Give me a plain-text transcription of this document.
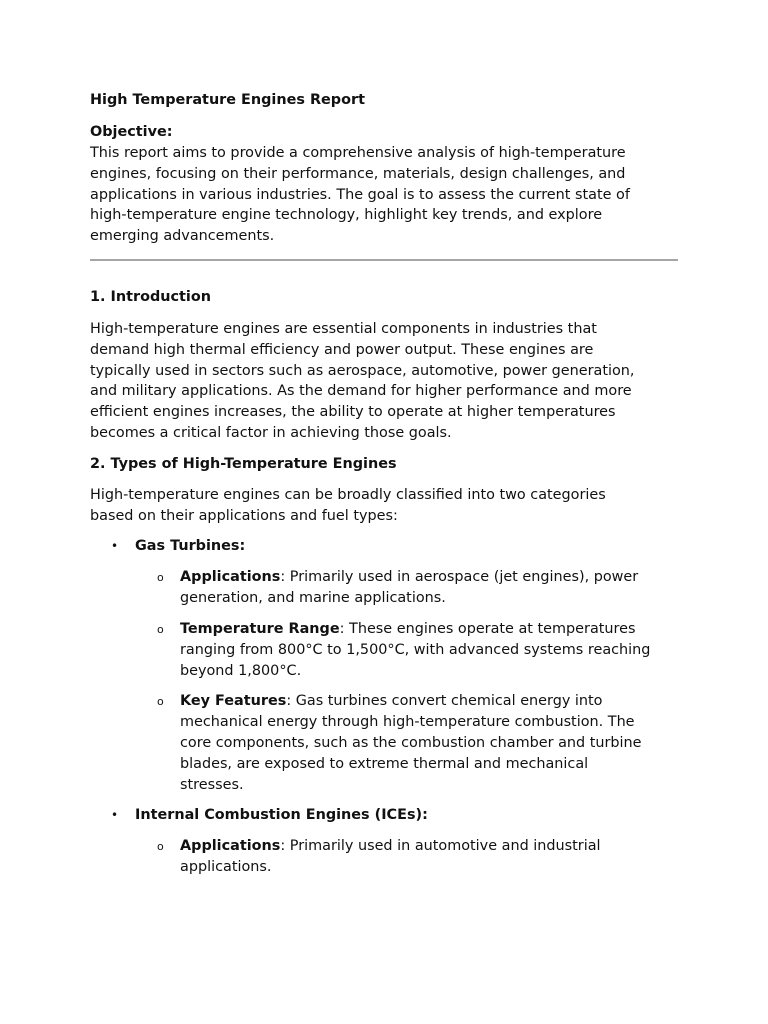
High Temperature Engines Report
Objective:
This report aims to provide a comprehensive analysis of high-temperature
engines, focusing on their performance, materials, design challenges, and
applications in various industries. The goal is to assess the current state of
high-temperature engine technology, highlight key trends, and explore
emerging advancements.
1. Introduction
High-temperature engines are essential components in industries that
demand high thermal efficiency and power output. These engines are
typically used in sectors such as aerospace, automotive, power generation,
and military applications. As the demand for higher performance and more
efficient engines increases, the ability to operate at higher temperatures
becomes a critical factor in achieving those goals.
2. Types of High-Temperature Engines
High-temperature engines can be broadly classified into two categories
based on their applications and fuel types:
• Gas Turbines:
o Applications: Primarily used in aerospace (jet engines), power
generation, and marine applications.
o Temperature Range: These engines operate at temperatures
ranging from 800°C to 1,500°C, with advanced systems reaching
beyond 1,800°C.
o Key Features: Gas turbines convert chemical energy into
mechanical energy through high-temperature combustion. The
core components, such as the combustion chamber and turbine
blades, are exposed to extreme thermal and mechanical
stresses.
• Internal Combustion Engines (ICEs):
o Applications: Primarily used in automotive and industrial
applications.
